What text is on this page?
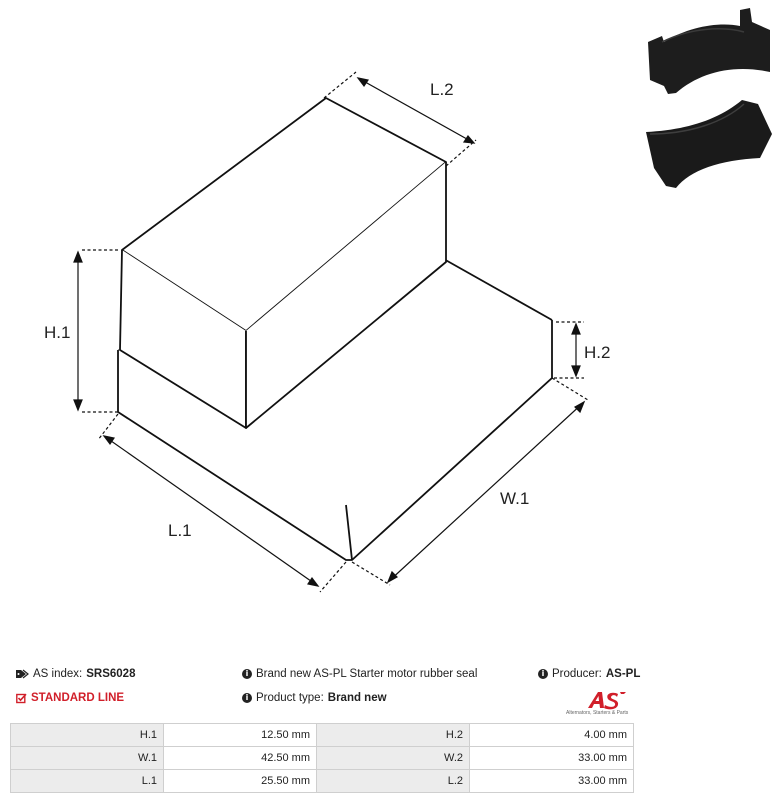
H.1
L.2
H.2
W.1
L.1
AS index: SRS6028	i Brand new AS-PL Starter motor rubber seal	i Producer: AS-PL
STANDARD LINE	i Product type: Brand new
Alternators, Starters & Parts
H.1	12.50 mm	H.2	4.00 mm
W.1	42.50 mm	W.2	33.00 mm
L.1	25.50 mm	L.2	33.00 mm
